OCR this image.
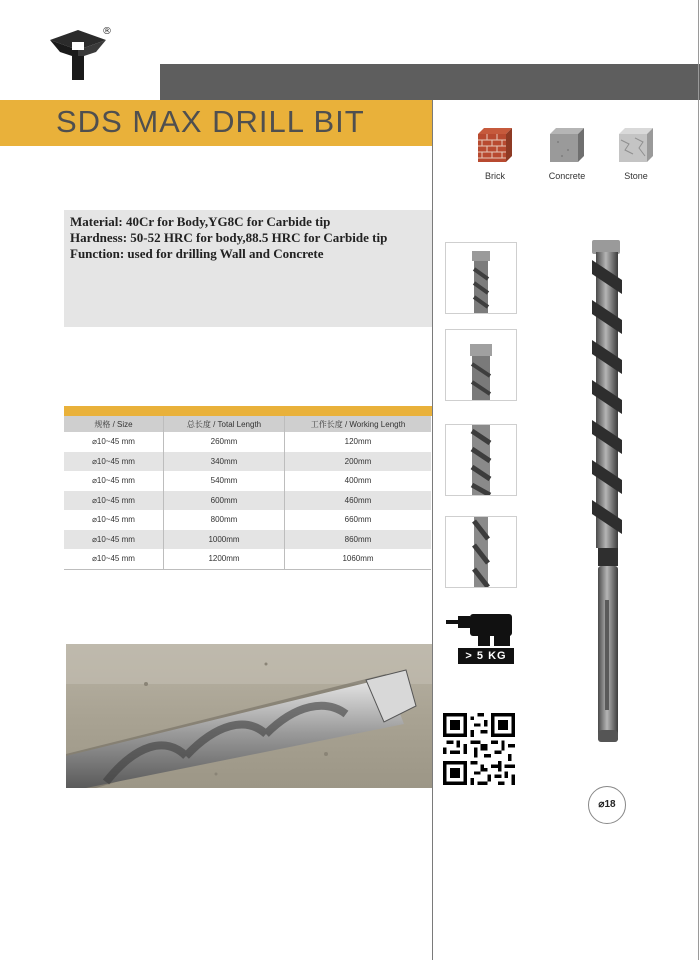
®
SDS MAX DRILL BIT
Material: 40Cr for Body,YG8C for Carbide tip
Hardness: 50-52 HRC for body,88.5 HRC for Carbide tip
Function: used for drilling Wall and Concrete
规格 / Size	总长度 / Total Length	工作长度 / Working Length
⌀10~45 mm	260mm	120mm
⌀10~45 mm	340mm	200mm
⌀10~45 mm	540mm	400mm
⌀10~45 mm	600mm	460mm
⌀10~45 mm	800mm	660mm
⌀10~45 mm	1000mm	860mm
⌀10~45 mm	1200mm	1060mm
Brick	Concrete	Stone
> 5 KG
⌀18
